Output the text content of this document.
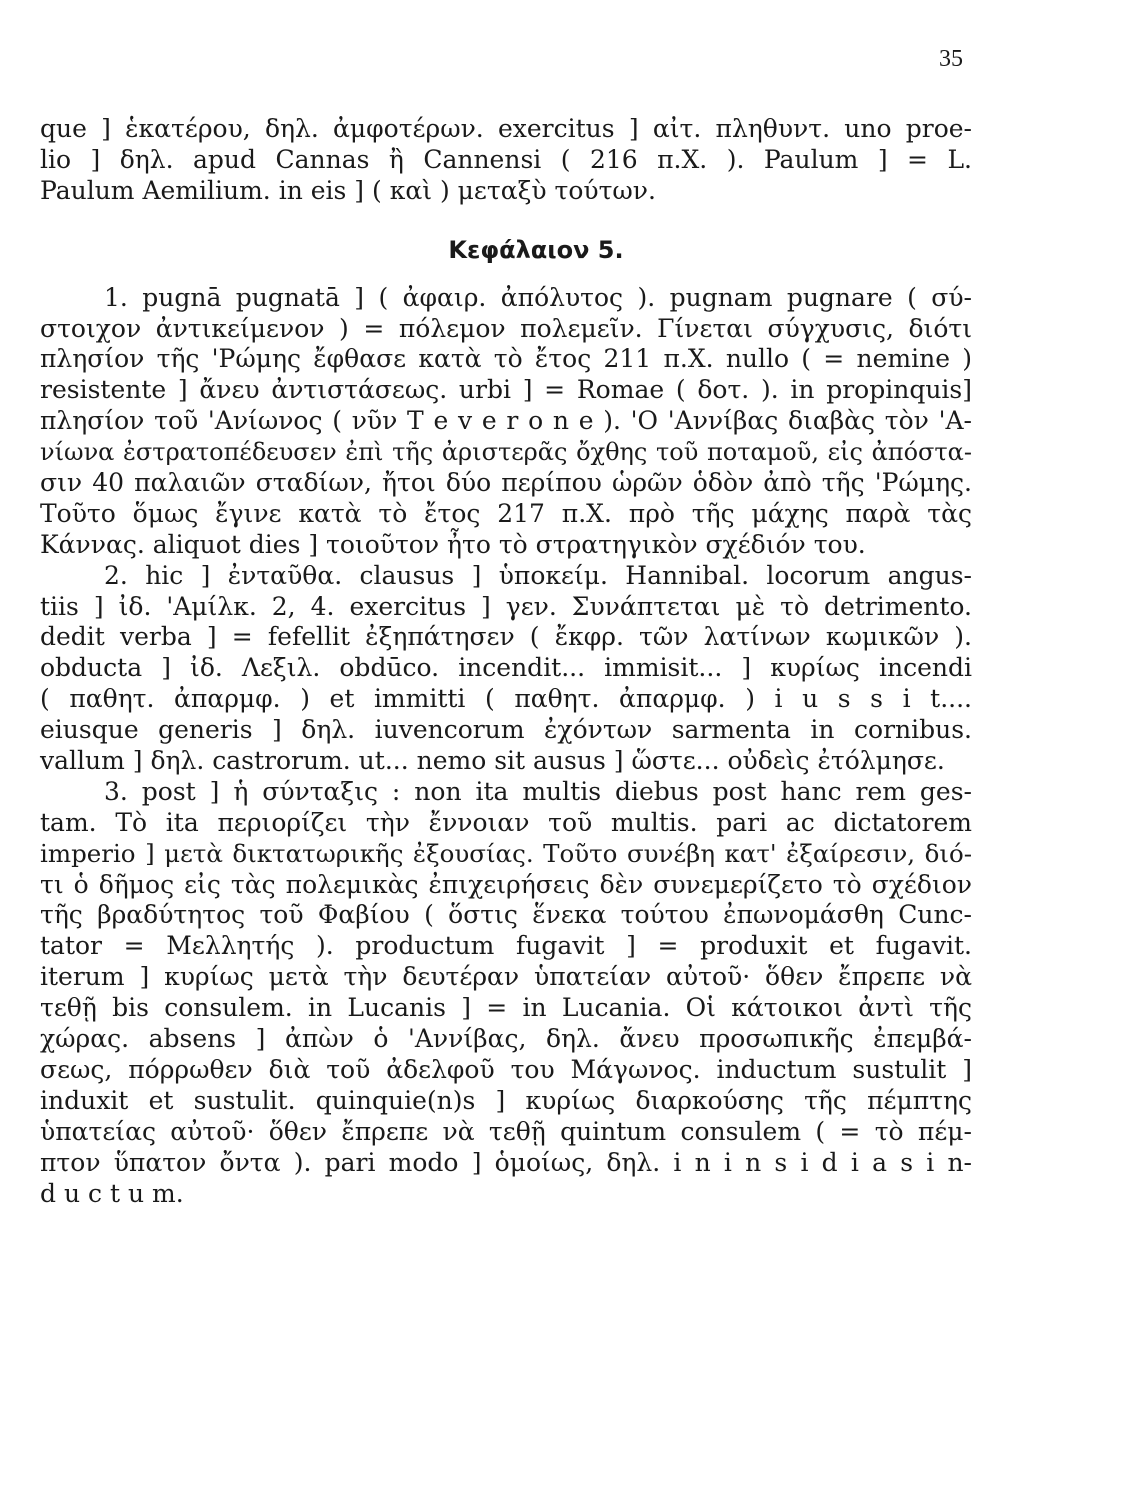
35
que ] ἑκατέρου, δηλ. ἀμφοτέρων. exercitus ] αἰτ. πληθυντ. uno proe-
lio ] δηλ. apud Cannas ἢ Cannensi ( 216 π.Χ. ). Paulum ] = L.
Paulum Aemilium. in eis ] ( καὶ ) μεταξὺ τούτων.
Κεφάλαιον 5.
1. pugnā pugnatā ] ( ἀφαιρ. ἀπόλυτος ). pugnam pugnare ( σύ-
στοιχον ἀντικείμενον ) = πόλεμον πολεμεῖν. Γίνεται σύγχυσις, διότι
πλησίον τῆς 'Ρώμης ἔφθασε κατὰ τὸ ἔτος 211 π.Χ. nullo ( = nemine )
resistente ] ἄνευ ἀντιστάσεως. urbi ] = Romae ( δοτ. ). in propinquis]
πλησίον τοῦ 'Ανίωνος ( νῦν T e v e r o n e ). 'Ο 'Αννίβας διαβὰς τὸν 'Α-
νίωνα ἐστρατοπέδευσεν ἐπὶ τῆς ἀριστερᾶς ὄχθης τοῦ ποταμοῦ, εἰς ἀπόστα-
σιν 40 παλαιῶν σταδίων, ἤτοι δύο περίπου ὡρῶν ὁδὸν ἀπὸ τῆς 'Ρώμης.
Τοῦτο ὅμως ἔγινε κατὰ τὸ ἔτος 217 π.Χ. πρὸ τῆς μάχης παρὰ τὰς
Κάννας. aliquot dies ] τοιοῦτον ἦτο τὸ στρατηγικὸν σχέδιόν του.
2. hic ] ἐνταῦθα. clausus ] ὑποκείμ. Hannibal. locorum angus-
tiis ] ἰδ. 'Αμίλκ. 2, 4. exercitus ] γεν. Συνάπτεται μὲ τὸ detrimento.
dedit verba ] = fefellit ἐξηπάτησεν ( ἔκφρ. τῶν λατίνων κωμικῶν ).
obducta ] ἰδ. Λεξιλ. obdūco. incendit... immisit... ] κυρίως incendi
( παθητ. ἀπαρμφ. ) et immitti ( παθητ. ἀπαρμφ. ) i u s s i t....
eiusque generis ] δηλ. iuvencorum ἐχόντων sarmenta in cornibus.
vallum ] δηλ. castrorum. ut... nemo sit ausus ] ὥστε... οὐδεὶς ἐτόλμησε.
3. post ] ἡ σύνταξις : non ita multis diebus post hanc rem ges-
tam. Τὸ ita περιορίζει τὴν ἔννοιαν τοῦ multis. pari ac dictatorem
imperio ] μετὰ δικτατωρικῆς ἐξουσίας. Τοῦτο συνέβη κατ' ἐξαίρεσιν, διό-
τι ὁ δῆμος εἰς τὰς πολεμικὰς ἐπιχειρήσεις δὲν συνεμερίζετο τὸ σχέδιον
τῆς βραδύτητος τοῦ Φαβίου ( ὅστις ἕνεκα τούτου ἐπωνομάσθη Cunc-
tator = Μελλητής ). productum fugavit ] = produxit et fugavit.
iterum ] κυρίως μετὰ τὴν δευτέραν ὑπατείαν αὐτοῦ· ὅθεν ἔπρεπε νὰ
τεθῇ bis consulem. in Lucanis ] = in Lucania. Οἱ κάτοικοι ἀντὶ τῆς
χώρας. absens ] ἀπὼν ὁ 'Αννίβας, δηλ. ἄνευ προσωπικῆς ἐπεμβά-
σεως, πόρρωθεν διὰ τοῦ ἀδελφοῦ του Μάγωνος. inductum sustulit ]
induxit et sustulit. quinquie(n)s ] κυρίως διαρκούσης τῆς πέμπτης
ὑπατείας αὐτοῦ· ὅθεν ἔπρεπε νὰ τεθῇ quintum consulem ( = τὸ πέμ-
πτον ὕπατον ὄντα ). pari modo ] ὁμοίως, δηλ. i n i n s i d i a s i n-
d u c t u m.
